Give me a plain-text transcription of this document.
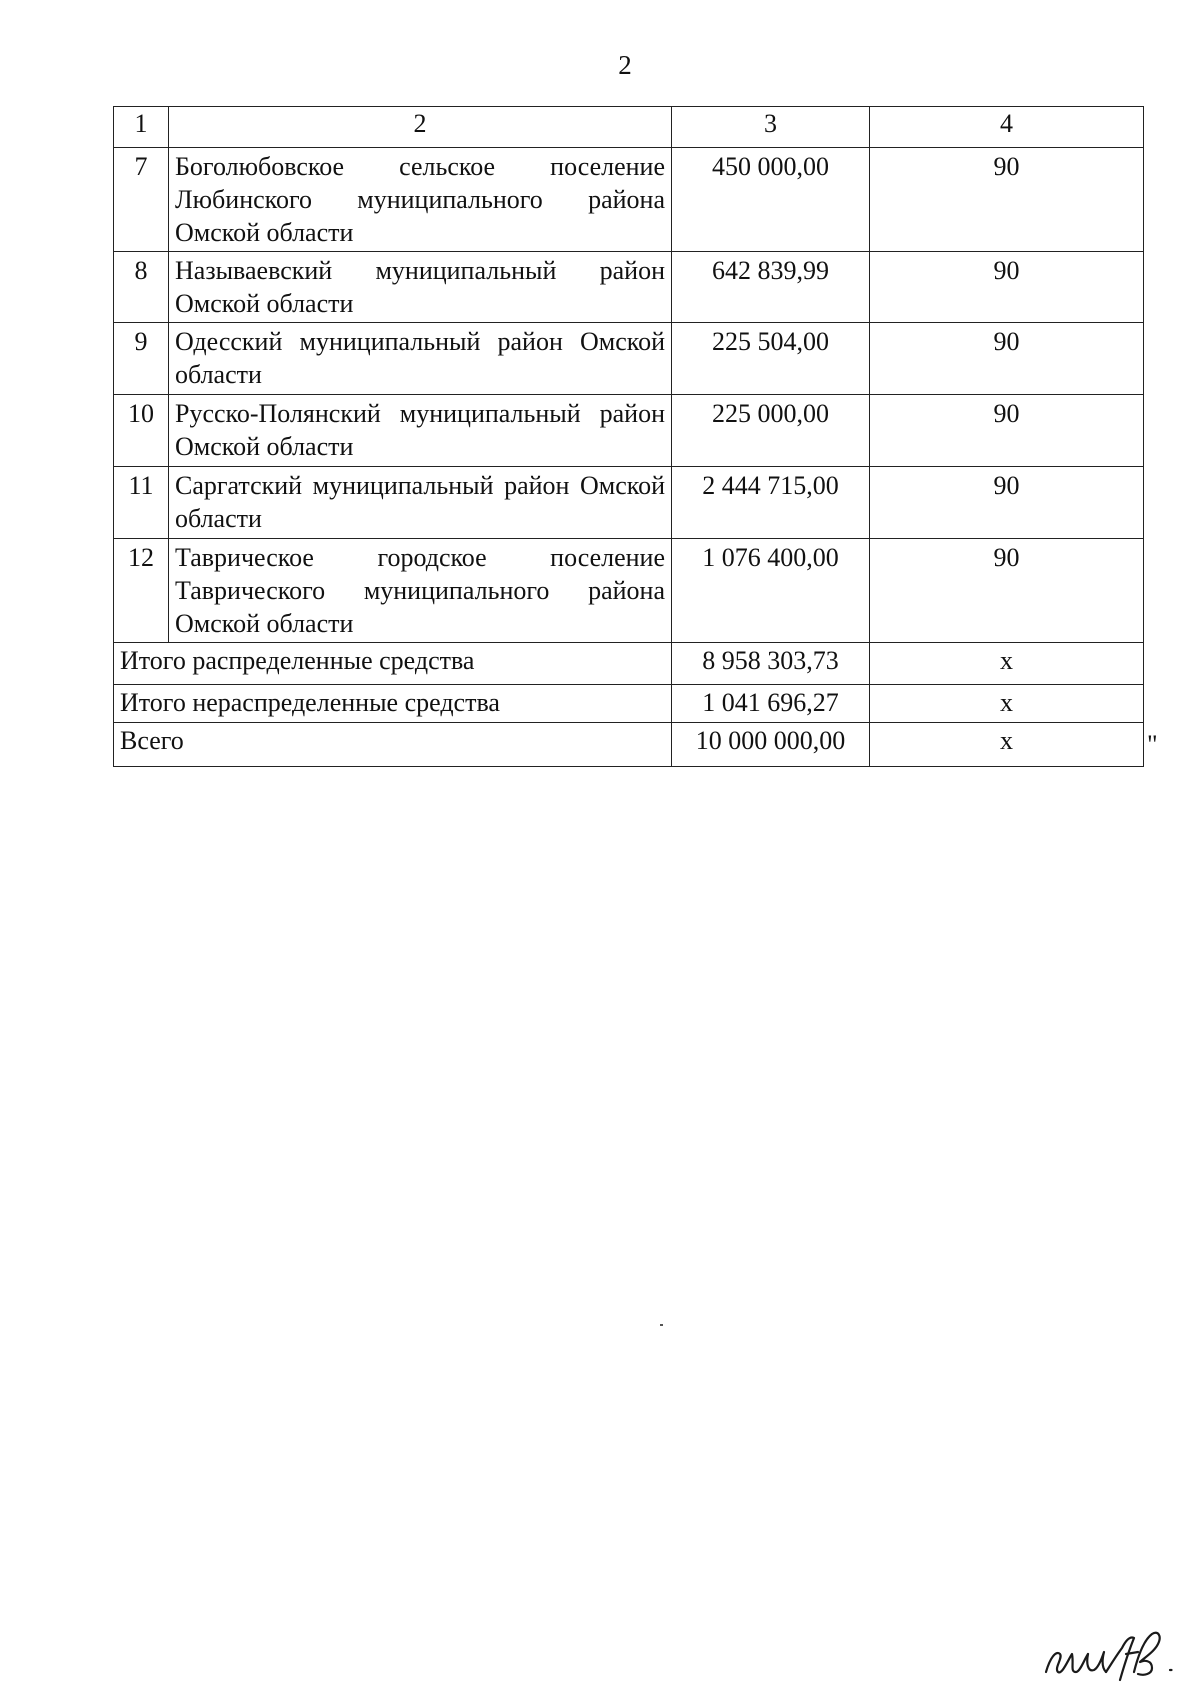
2
1	2	3	4
7	Боголюбовское сельское поселение Любинского муниципального района Омской области	450 000,00	90
8	Называевский муниципальный район Омской области	642 839,99	90
9	Одесский муниципальный район Омской области	225 504,00	90
10	Русско-Полянский муниципальный район Омской области	225 000,00	90
11	Саргатский муниципальный район Омской области	2 444 715,00	90
12	Таврическое городское поселение Таврического муниципального района Омской области	1 076 400,00	90
Итого распределенные средства		8 958 303,73	х
Итого нераспределенные средства		1 041 696,27	х
Всего		10 000 000,00	х	"
